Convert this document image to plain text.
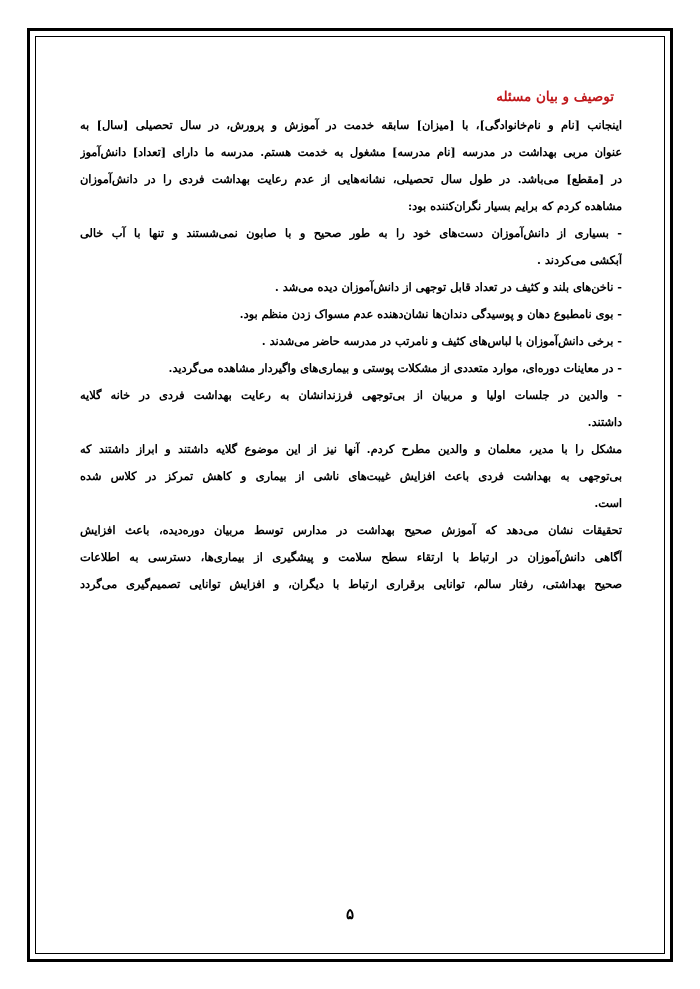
توصیف و بیان مسئله
اینجانب [نام و نام‌خانوادگی]، با [میزان] سابقه خدمت در آموزش و پرورش، در سال تحصیلی [سال] به
عنوان مربی بهداشت در مدرسه [نام مدرسه] مشغول به خدمت هستم. مدرسه ما دارای [تعداد] دانش‌آموز
در [مقطع] می‌باشد. در طول سال تحصیلی، نشانه‌هایی از عدم رعایت بهداشت فردی را در دانش‌آموزان
مشاهده کردم که برایم بسیار نگران‌کننده بود:
- بسیاری از دانش‌آموزان دست‌های خود را به طور صحیح و با صابون نمی‌شستند و تنها با آب خالی
آبکشی می‌کردند .
- ناخن‌های بلند و کثیف در تعداد قابل توجهی از دانش‌آموزان دیده می‌شد .
- بوی نامطبوع دهان و پوسیدگی دندان‌ها نشان‌دهنده عدم مسواک زدن منظم بود.
- برخی دانش‌آموزان با لباس‌های کثیف و نامرتب در مدرسه حاضر می‌شدند .
- در معاینات دوره‌ای، موارد متعددی از مشکلات پوستی و بیماری‌های واگیردار مشاهده می‌گردید.
- والدین در جلسات اولیا و مربیان از بی‌توجهی فرزندانشان به رعایت بهداشت فردی در خانه گلایه
داشتند.
مشکل را با مدیر، معلمان و والدین مطرح کردم. آنها نیز از این موضوع گلایه داشتند و ابراز داشتند که
بی‌توجهی به بهداشت فردی باعث افزایش غیبت‌های ناشی از بیماری و کاهش تمرکز در کلاس شده
است.
تحقیقات نشان می‌دهد که آموزش صحیح بهداشت در مدارس توسط مربیان دوره‌دیده، باعث افزایش
آگاهی دانش‌آموزان در ارتباط با ارتقاء سطح سلامت و پیشگیری از بیماری‌ها، دسترسی به اطلاعات
صحیح بهداشتی، رفتار سالم، توانایی برقراری ارتباط با دیگران، و افزایش توانایی تصمیم‌گیری می‌گردد
۵
